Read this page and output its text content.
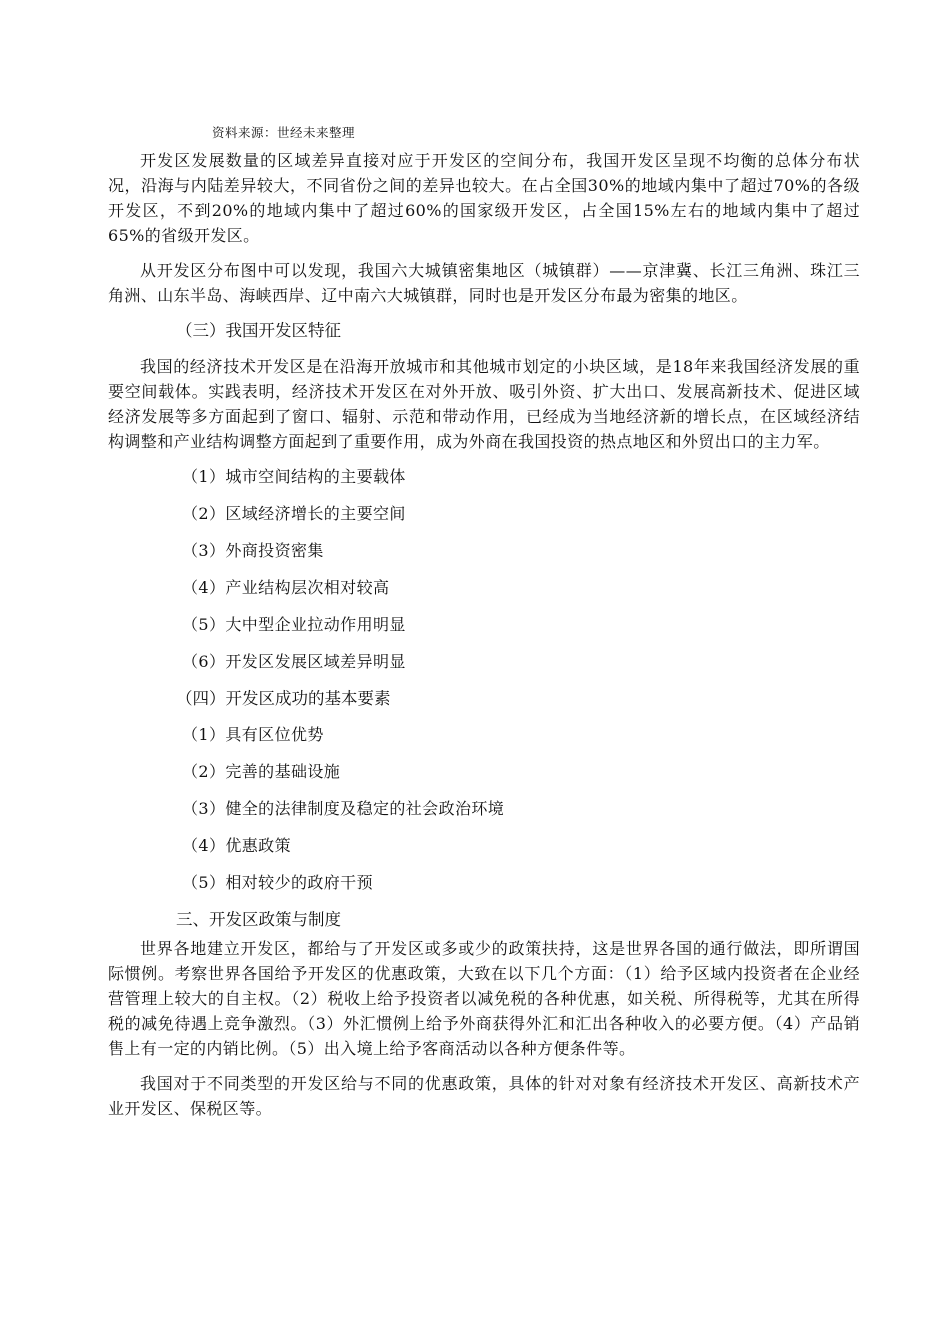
资料来源：世经未来整理

开发区发展数量的区域差异直接对应于开发区的空间分布，我国开发区呈现不均衡的总体分布状况，沿海与内陆差异较大，不同省份之间的差异也较大。在占全国30%的地域内集中了超过70%的各级开发区，不到20%的地域内集中了超过60%的国家级开发区，占全国15%左右的地域内集中了超过65%的省级开发区。

从开发区分布图中可以发现，我国六大城镇密集地区（城镇群）——京津冀、长江三角洲、珠江三角洲、山东半岛、海峡西岸、辽中南六大城镇群，同时也是开发区分布最为密集的地区。

（三）我国开发区特征

我国的经济技术开发区是在沿海开放城市和其他城市划定的小块区域，是18年来我国经济发展的重要空间载体。实践表明，经济技术开发区在对外开放、吸引外资、扩大出口、发展高新技术、促进区域经济发展等多方面起到了窗口、辐射、示范和带动作用，已经成为当地经济新的增长点，在区域经济结构调整和产业结构调整方面起到了重要作用，成为外商在我国投资的热点地区和外贸出口的主力军。

（1）城市空间结构的主要载体
（2）区域经济增长的主要空间
（3）外商投资密集
（4）产业结构层次相对较高
（5）大中型企业拉动作用明显
（6）开发区发展区域差异明显
（四）开发区成功的基本要素
（1）具有区位优势
（2）完善的基础设施
（3）健全的法律制度及稳定的社会政治环境
（4）优惠政策
（5）相对较少的政府干预
三、开发区政策与制度

世界各地建立开发区，都给与了开发区或多或少的政策扶持，这是世界各国的通行做法，即所谓国际惯例。考察世界各国给予开发区的优惠政策，大致在以下几个方面：（1）给予区域内投资者在企业经营管理上较大的自主权。（2）税收上给予投资者以减免税的各种优惠，如关税、所得税等，尤其在所得税的减免待遇上竞争激烈。（3）外汇惯例上给予外商获得外汇和汇出各种收入的必要方便。（4）产品销售上有一定的内销比例。（5）出入境上给予客商活动以各种方便条件等。

我国对于不同类型的开发区给与不同的优惠政策，具体的针对对象有经济技术开发区、高新技术产业开发区、保税区等。
